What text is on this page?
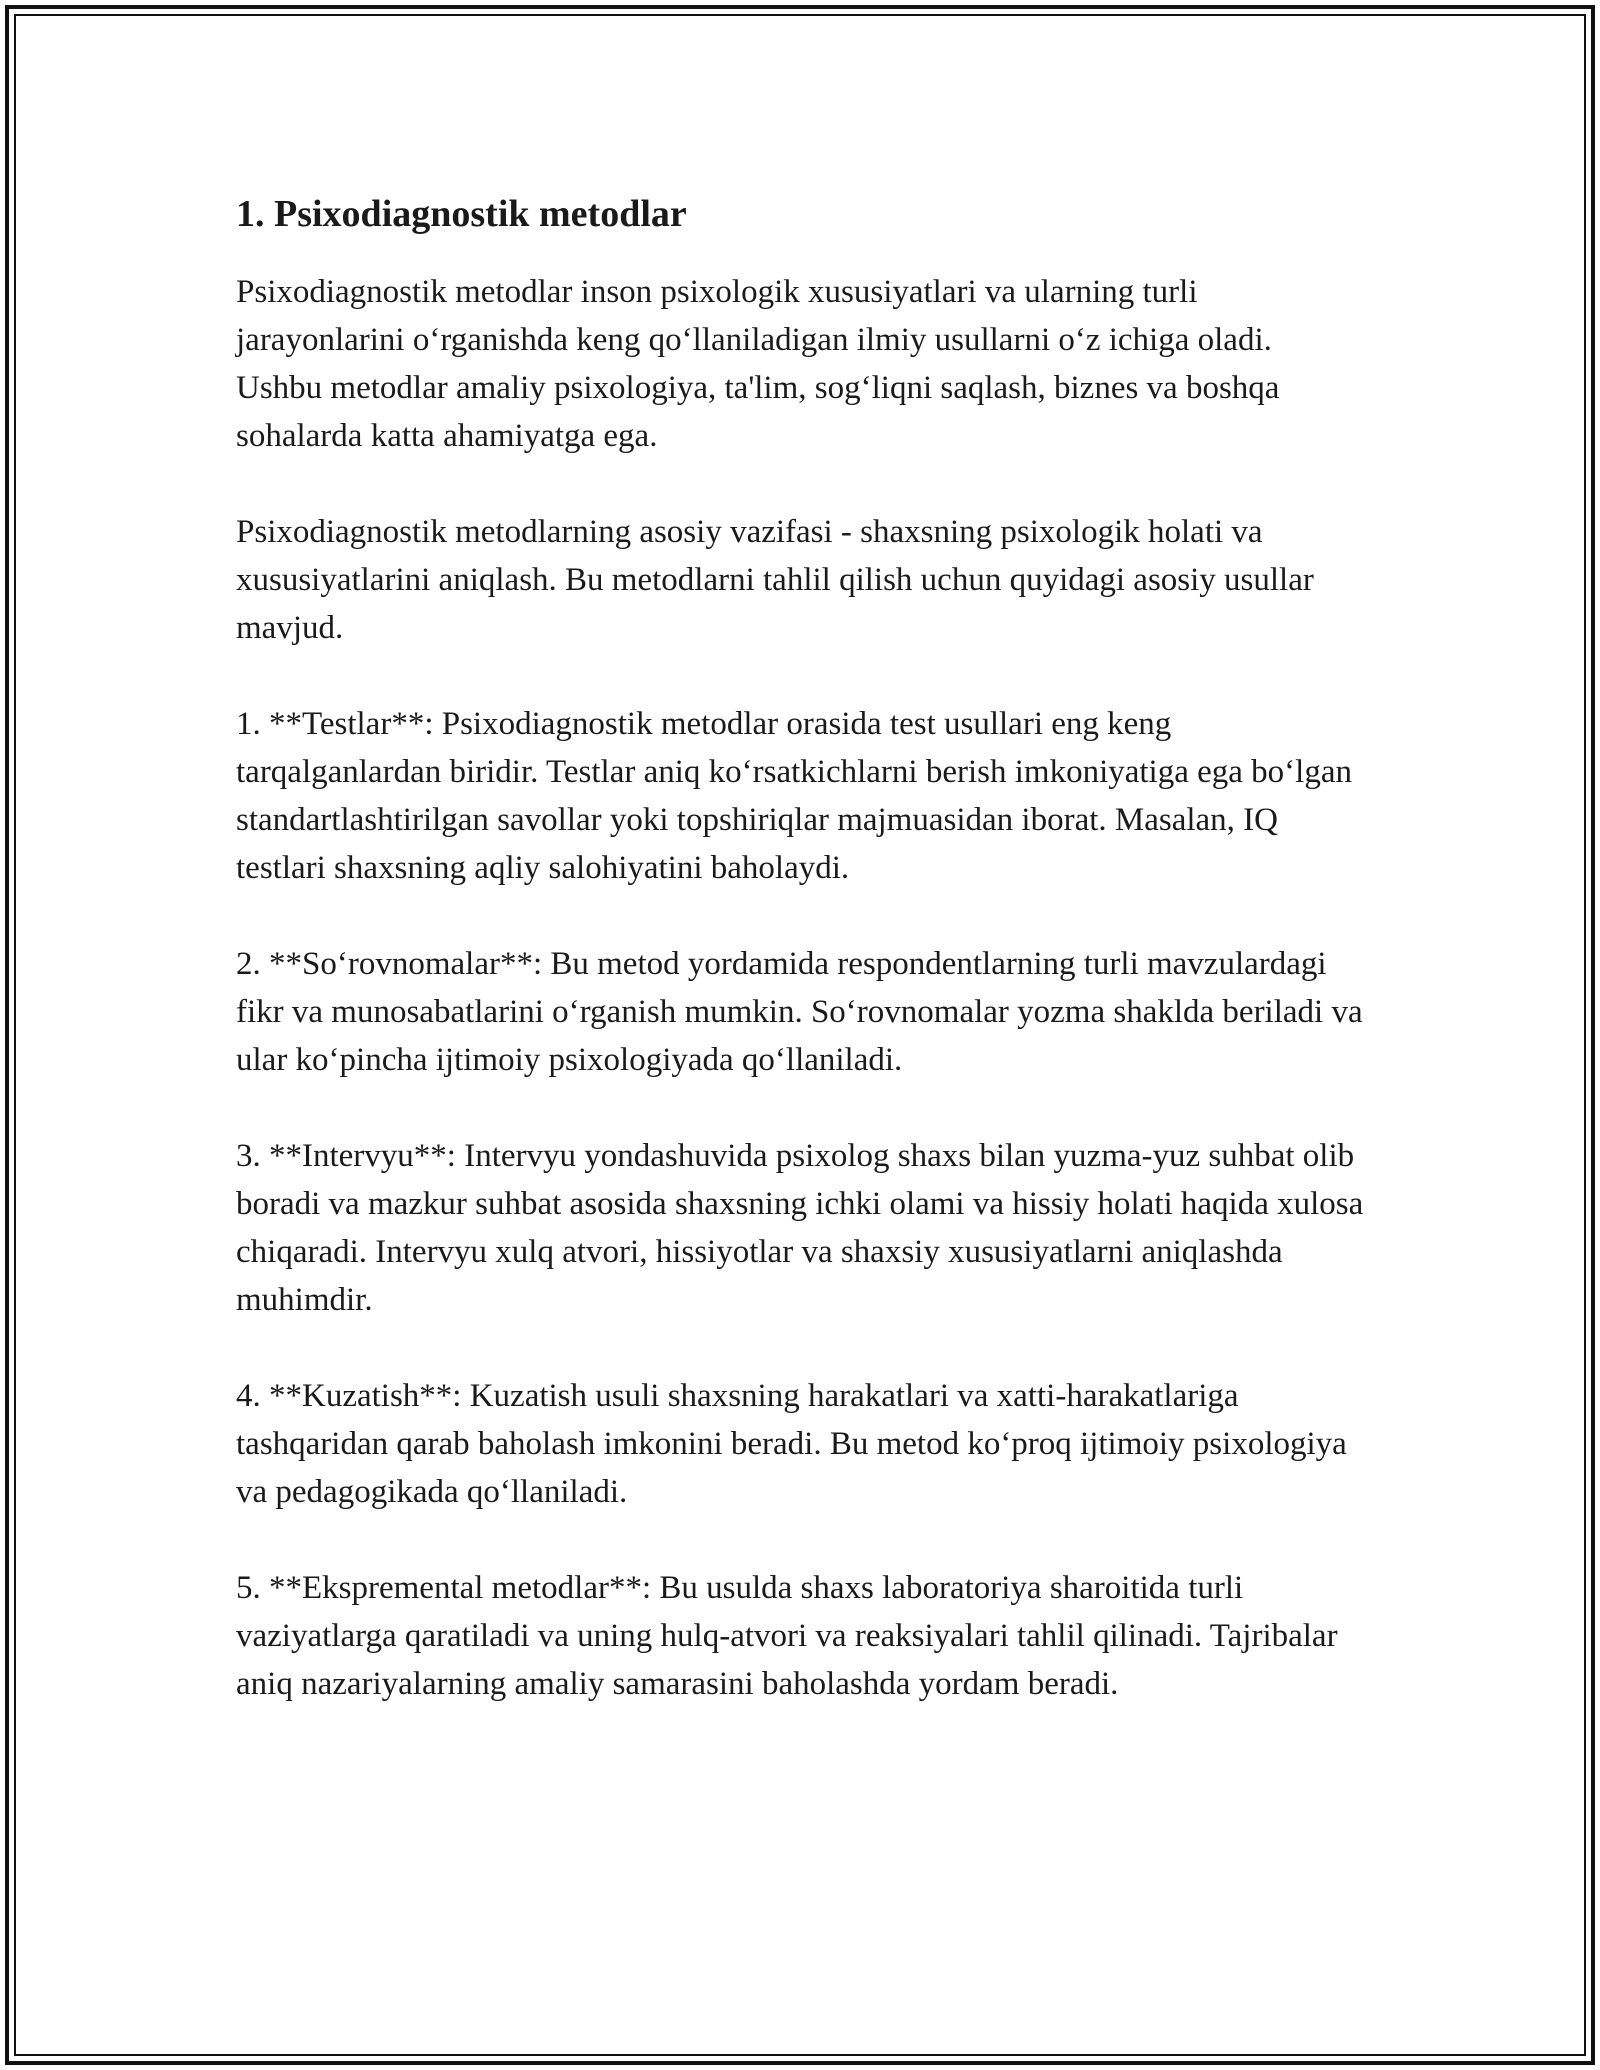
1. Psixodiagnostik metodlar

Psixodiagnostik metodlar inson psixologik xususiyatlari va ularning turli jarayonlarini o‘rganishda keng qo‘llaniladigan ilmiy usullarni o‘z ichiga oladi. Ushbu metodlar amaliy psixologiya, ta'lim, sog‘liqni saqlash, biznes va boshqa sohalarda katta ahamiyatga ega.

Psixodiagnostik metodlarning asosiy vazifasi - shaxsning psixologik holati va xususiyatlarini aniqlash. Bu metodlarni tahlil qilish uchun quyidagi asosiy usullar mavjud.

1. **Testlar**: Psixodiagnostik metodlar orasida test usullari eng keng tarqalganlardan biridir. Testlar aniq ko‘rsatkichlarni berish imkoniyatiga ega bo‘lgan standartlashtirilgan savollar yoki topshiriqlar majmuasidan iborat. Masalan, IQ testlari shaxsning aqliy salohiyatini baholaydi.

2. **So‘rovnomalar**: Bu metod yordamida respondentlarning turli mavzulardagi fikr va munosabatlarini o‘rganish mumkin. So‘rovnomalar yozma shaklda beriladi va ular ko‘pincha ijtimoiy psixologiyada qo‘llaniladi.

3. **Intervyu**: Intervyu yondashuvida psixolog shaxs bilan yuzma-yuz suhbat olib boradi va mazkur suhbat asosida shaxsning ichki olami va hissiy holati haqida xulosa chiqaradi. Intervyu xulq atvori, hissiyotlar va shaxsiy xususiyatlarni aniqlashda muhimdir.

4. **Kuzatish**: Kuzatish usuli shaxsning harakatlari va xatti-harakatlariga tashqaridan qarab baholash imkonini beradi. Bu metod ko‘proq ijtimoiy psixologiya va pedagogikada qo‘llaniladi.

5. **Ekspremental metodlar**: Bu usulda shaxs laboratoriya sharoitida turli vaziyatlarga qaratiladi va uning hulq-atvori va reaksiyalari tahlil qilinadi. Tajribalar aniq nazariyalarning amaliy samarasini baholashda yordam beradi.
